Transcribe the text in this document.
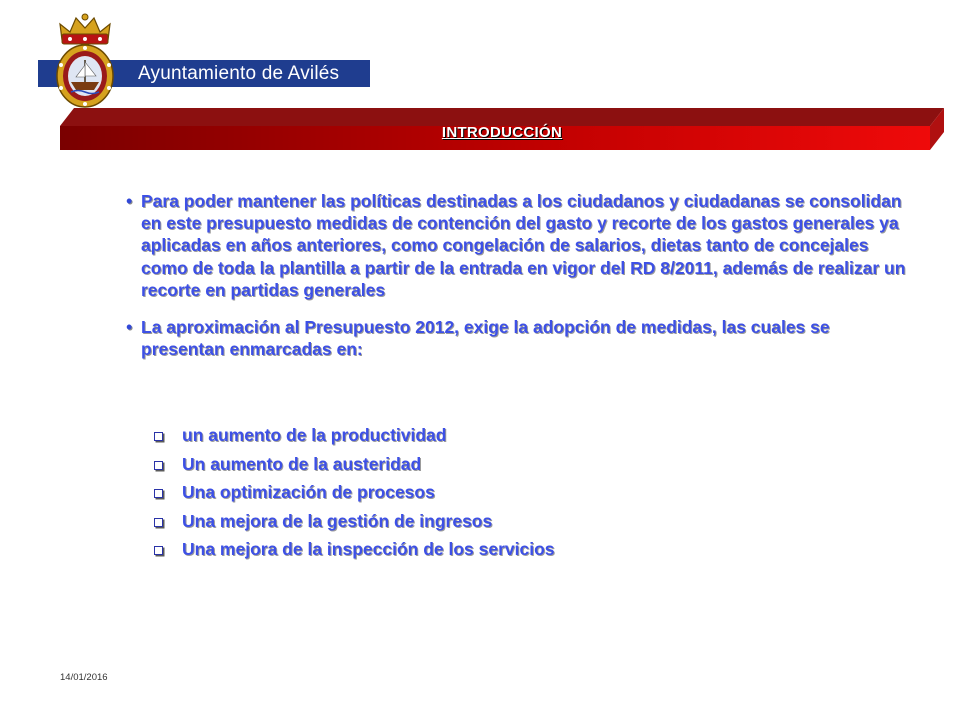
Ayuntamiento de Avilés
INTRODUCCIÓN
• Para poder mantener las políticas destinadas a los ciudadanos y ciudadanas se consolidan en este presupuesto medidas de contención del gasto y recorte de los gastos generales ya aplicadas en años anteriores, como congelación de salarios, dietas tanto de concejales como de toda la plantilla a partir de la entrada en vigor del RD 8/2011, además de realizar un recorte en partidas generales
• La aproximación al Presupuesto 2012, exige la adopción de medidas, las cuales se presentan enmarcadas en:
un aumento de la productividad
Un aumento de la austeridad
Una optimización de procesos
Una mejora de la gestión de ingresos
Una mejora de la inspección de los servicios
14/01/2016
